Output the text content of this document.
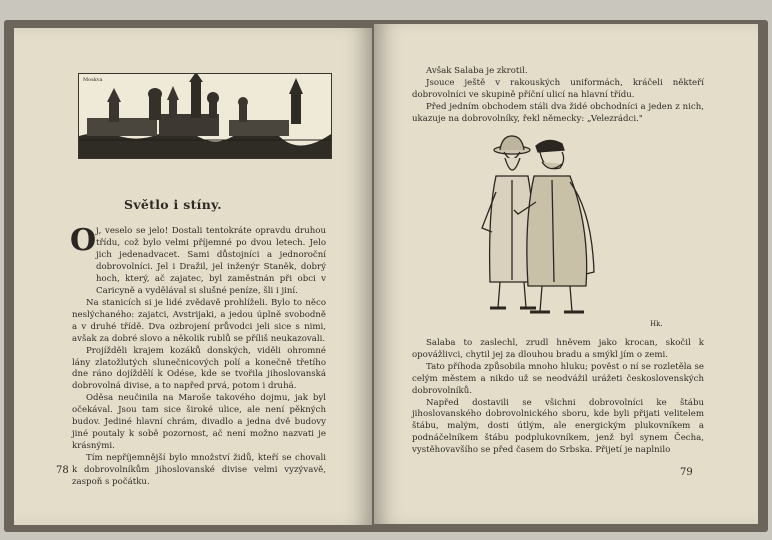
Moskva
Světlo i stíny.
O j, veselo se jelo! Dostali tentokráte opravdu druhou třídu, což bylo velmi příjemné po dvou letech. Jelo jich jedenadvacet. Sami důstojníci a jednoroční dobrovolníci. Jel i Dražil, jel inženýr Staněk, dobrý hoch, který, ač zajatec, byl zaměstnán při obci v Caricyně a vydělával si slušné peníze, šli i jiní.

Na stanicích si je lidé zvědavě prohlíželi. Bylo to něco neslýchaného: zajatci, Avstrijaki, a jedou úplně svobodně a v druhé třídě. Dva ozbrojení průvodci jeli sice s nimi, avšak za dobré slovo a několik rublů se příliš neukazovali.

Projížděli krajem kozáků donských, viděli ohromné lány zlatožlutých slunečnicových polí a konečně třetího dne ráno dojíždělí k Odése, kde se tvořila jihoslovanská dobrovolná divise, a to napřed prvá, potom i druhá.

Oděsa neučinila na Maroše takového dojmu, jak byl očekával. Jsou tam sice široké ulice, ale není pěkných budov. Jediné hlavní chrám, divadlo a jedna dvě budovy jiné poutaly k sobě pozornost, ač není možno nazvati je krásnými.

Tím nepříjemnější bylo množství židů, kteří se chovali k dobrovolníkům jihoslovanské divise velmi vyzývavě, zaspoň s počátku.

78

Avšak Salaba je zkrotil.

Jsouce ještě v rakouských uniformách, kráčeli někteří dobrovolníci ve skupině příční ulicí na hlavní třídu.

Před jedním obchodem stáli dva židé obchodníci a jeden z nich, ukazuje na dobrovolníky, řekl německy: „Velezrádci."

Hk.

Salaba to zaslechl, zrudl hněvem jako krocan, skočil k opovážlivci, chytil jej za dlouhou bradu a smýkl jím o zemi.

Tato příhoda způsobila mnoho hluku; pověst o ní se rozletěla se celým městem a nikdo už se neodvážil urážeti československých dobrovolníků.

Napřed dostavili se všichni dobrovolníci ke štábu jihoslovanského dobrovolnického sboru, kde byli přijati velitelem štábu, malým, dosti útlým, ale energickým plukovníkem a podnáčelníkem štábu podplukovníkem, jenž byl synem Čecha, vystěhovavšího se před časem do Srbska. Přijetí je naplnilo

79
